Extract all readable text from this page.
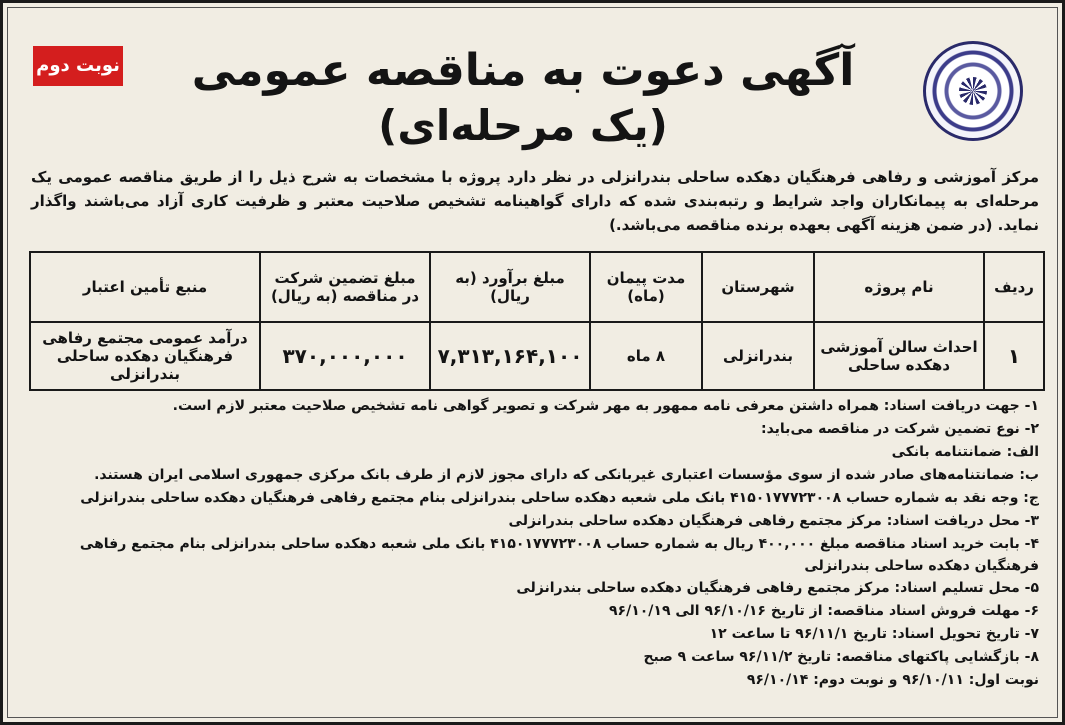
نوبت دوم	آگهی دعوت به مناقصه عمومی
(یک مرحله‌ای)

مرکز آموزشی و رفاهی فرهنگیان دهکده ساحلی بندرانزلی در نظر دارد پروژه با مشخصات به شرح ذیل را از طریق مناقصه عمومی یک مرحله‌ای به پیمانکاران واجد شرایط و رتبه‌بندی شده که دارای گواهینامه تشخیص صلاحیت معتبر و ظرفیت کاری آزاد می‌باشند واگذار نماید. (در ضمن هزینه آگهی بعهده برنده مناقصه می‌باشد.)

ردیف	نام پروژه	شهرستان	مدت پیمان (ماه)	مبلغ برآورد (به ریال)	مبلغ تضمین شرکت در مناقصه (به ریال)	منبع تأمین اعتبار
۱	احداث سالن آموزشی دهکده ساحلی	بندرانزلی	۸ ماه	۷,۳۱۳,۱۶۴,۱۰۰	۳۷۰,۰۰۰,۰۰۰	درآمد عمومی مجتمع رفاهی فرهنگیان دهکده ساحلی بندرانزلی
۱- جهت دریافت اسناد: همراه داشتن معرفی نامه ممهور به مهر شرکت و تصویر گواهی نامه تشخیص صلاحیت معتبر لازم است.
۲- نوع تضمین شرکت در مناقصه می‌باید:
الف: ضمانتنامه بانکی
ب: ضمانتنامه‌های صادر شده از سوی مؤسسات اعتباری غیربانکی که دارای مجوز لازم از طرف بانک مرکزی جمهوری اسلامی ایران هستند.
ج: وجه نقد به شماره حساب ۴۱۵۰۱۷۷۷۲۳۰۰۸ بانک ملی شعبه دهکده ساحلی بندرانزلی بنام مجتمع رفاهی فرهنگیان دهکده ساحلی بندرانزلی
۳- محل دریافت اسناد: مرکز مجتمع رفاهی فرهنگیان دهکده ساحلی بندرانزلی
۴- بابت خرید اسناد مناقصه مبلغ ۴۰۰,۰۰۰ ریال به شماره حساب ۴۱۵۰۱۷۷۷۲۳۰۰۸ بانک ملی شعبه دهکده ساحلی بندرانزلی بنام مجتمع رفاهی فرهنگیان دهکده ساحلی بندرانزلی
۵- محل تسلیم اسناد: مرکز مجتمع رفاهی فرهنگیان دهکده ساحلی بندرانزلی
۶- مهلت فروش اسناد مناقصه: از تاریخ ۹۶/۱۰/۱۶ الی ۹۶/۱۰/۱۹
۷- تاریخ تحویل اسناد: تاریخ ۹۶/۱۱/۱ تا ساعت ۱۲
۸- بازگشایی پاکتهای مناقصه: تاریخ ۹۶/۱۱/۲ ساعت ۹ صبح
نوبت اول: ۹۶/۱۰/۱۱ و نوبت دوم: ۹۶/۱۰/۱۴
